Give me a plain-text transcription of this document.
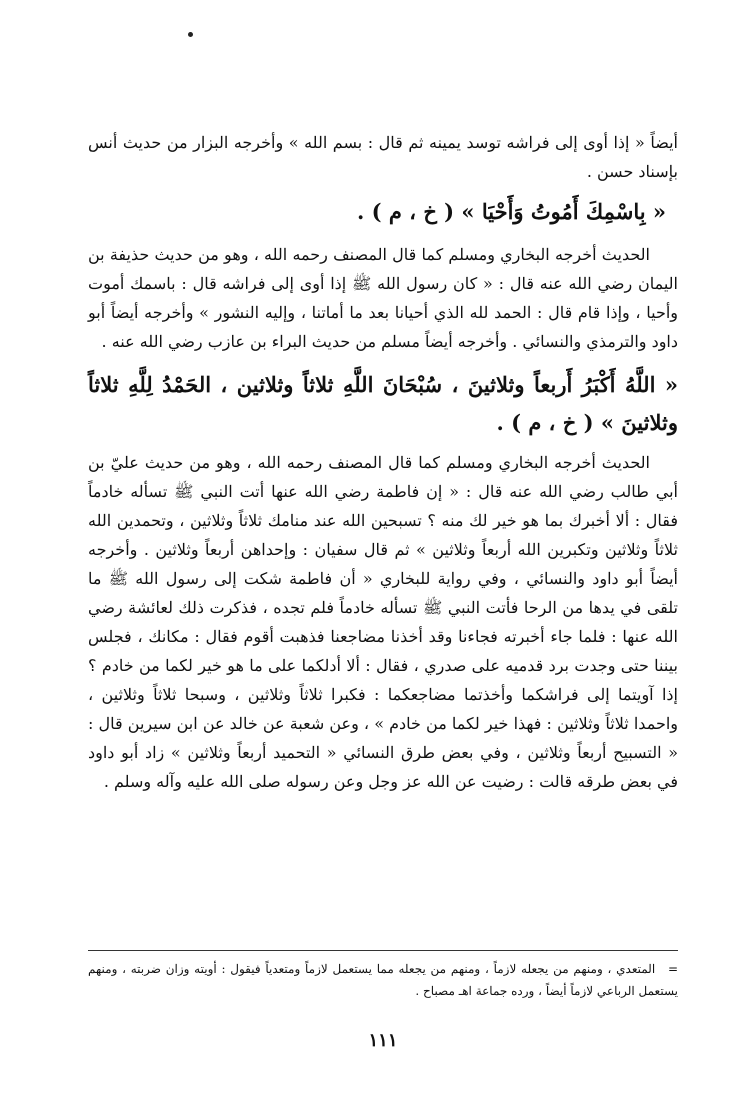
أيضاً « إذا أوى إلى فراشه توسد يمينه ثم قال : بسم الله » وأخرجه البزار من حديث أنس بإسناد حسن .

« بِاسْمِكَ أَمُوتُ وَأَحْيَا » ( خ ، م ) .

الحديث أخرجه البخاري ومسلم كما قال المصنف رحمه الله ، وهو من حديث حذيفة بن اليمان رضي الله عنه قال : « كان رسول الله ﷺ إذا أوى إلى فراشه قال : باسمك أموت وأحيا ، وإذا قام قال : الحمد لله الذي أحيانا بعد ما أماتنا ، وإليه النشور » وأخرجه أيضاً أبو داود والترمذي والنسائي . وأخرجه أيضاً مسلم من حديث البراء بن عازب رضي الله عنه .

« اللَّهُ أَكْبَرُ أَربعاً وثلاثينَ ، سُبْحَانَ اللَّهِ ثلاثاً وثلاثين ، الحَمْدُ لِلَّهِ ثلاثاً وثلاثينَ » ( خ ، م ) .

الحديث أخرجه البخاري ومسلم كما قال المصنف رحمه الله ، وهو من حديث عليّ بن أبي طالب رضي الله عنه قال : « إن فاطمة رضي الله عنها أتت النبي ﷺ تسأله خادماً فقال : ألا أخبرك بما هو خير لك منه ؟ تسبحين الله عند منامك ثلاثاً وثلاثين ، وتحمدين الله ثلاثاً وثلاثين وتكبرين الله أربعاً وثلاثين » ثم قال سفيان : وإحداهن أربعاً وثلاثين . وأخرجه أيضاً أبو داود والنسائي ، وفي رواية للبخاري « أن فاطمة شكت إلى رسول الله ﷺ ما تلقى في يدها من الرحا فأتت النبي ﷺ تسأله خادماً فلم تجده ، فذكرت ذلك لعائشة رضي الله عنها : فلما جاء أخبرته فجاءنا وقد أخذنا مضاجعنا فذهبت أقوم فقال : مكانك ، فجلس بيننا حتى وجدت برد قدميه على صدري ، فقال : ألا أدلكما على ما هو خير لكما من خادم ؟ إذا آويتما إلى فراشكما وأخذتما مضاجعكما : فكبرا ثلاثاً وثلاثين ، وسبحا ثلاثاً وثلاثين ، واحمدا ثلاثاً وثلاثين : فهذا خير لكما من خادم » ، وعن شعبة عن خالد عن ابن سيرين قال : « التسبيح أربعاً وثلاثين ، وفي بعض طرق النسائي « التحميد أربعاً وثلاثين » زاد أبو داود في بعض طرقه قالت : رضيت عن الله عز وجل وعن رسوله صلى الله عليه وآله وسلم .

= المتعدي ، ومنهم من يجعله لازماً ، ومنهم من يجعله مما يستعمل لازماً ومتعدياً فيقول : أويته وزان ضربته ، ومنهم يستعمل الرباعي لازماً أيضاً ، ورده جماعة اهـ مصباح .
١١١
